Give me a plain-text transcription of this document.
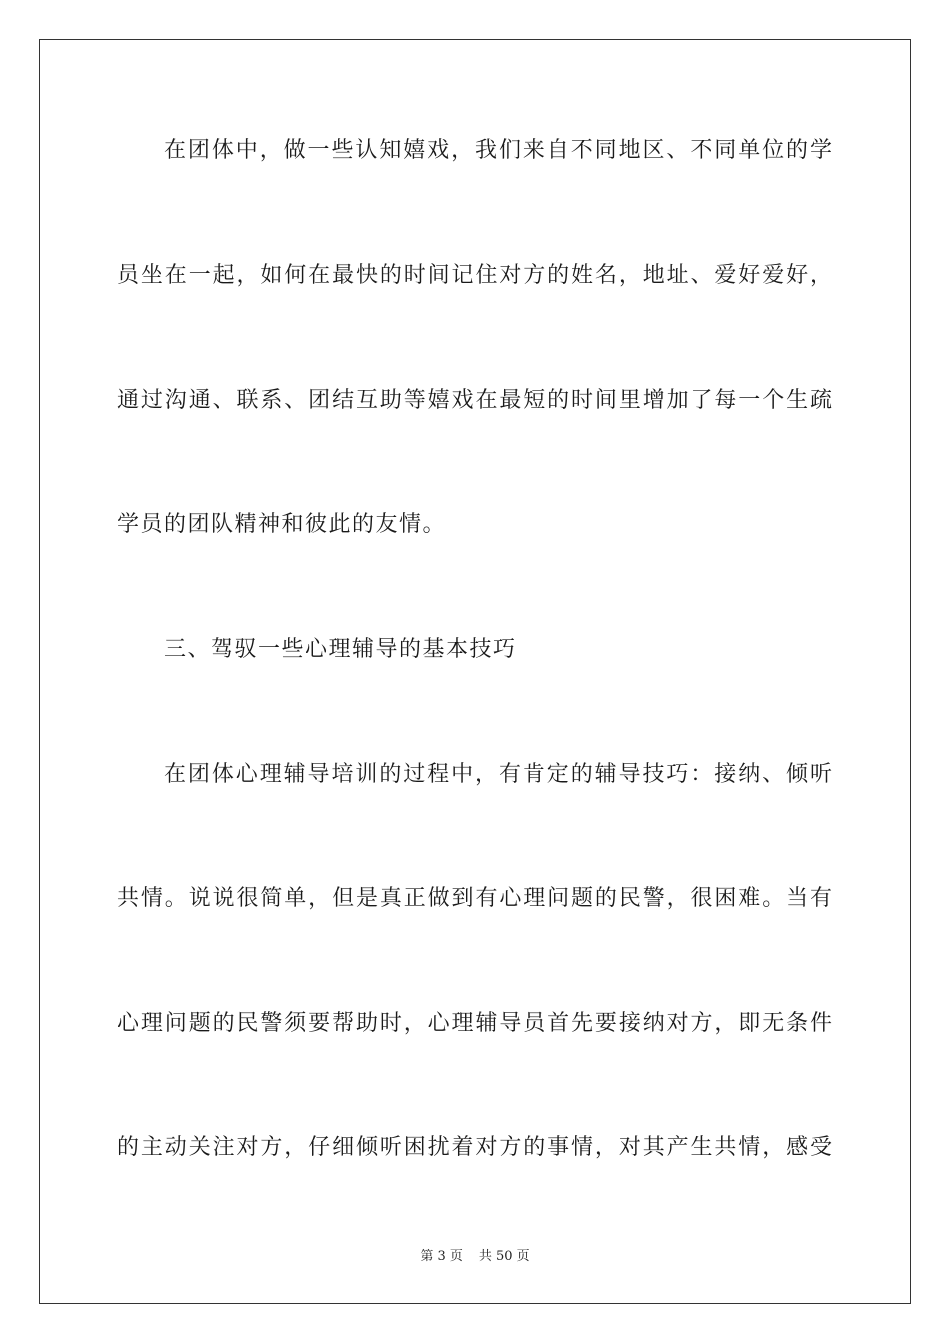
在团体中，做一些认知嬉戏，我们来自不同地区、不同单位的学
员坐在一起，如何在最快的时间记住对方的姓名，地址、爱好爱好，
通过沟通、联系、团结互助等嬉戏在最短的时间里增加了每一个生疏
学员的团队精神和彼此的友情。
三、驾驭一些心理辅导的基本技巧
在团体心理辅导培训的过程中，有肯定的辅导技巧：接纳、倾听
共情。说说很简单，但是真正做到有心理问题的民警，很困难。当有
心理问题的民警须要帮助时，心理辅导员首先要接纳对方，即无条件
的主动关注对方，仔细倾听困扰着对方的事情，对其产生共情，感受
第 3 页 共 50 页
